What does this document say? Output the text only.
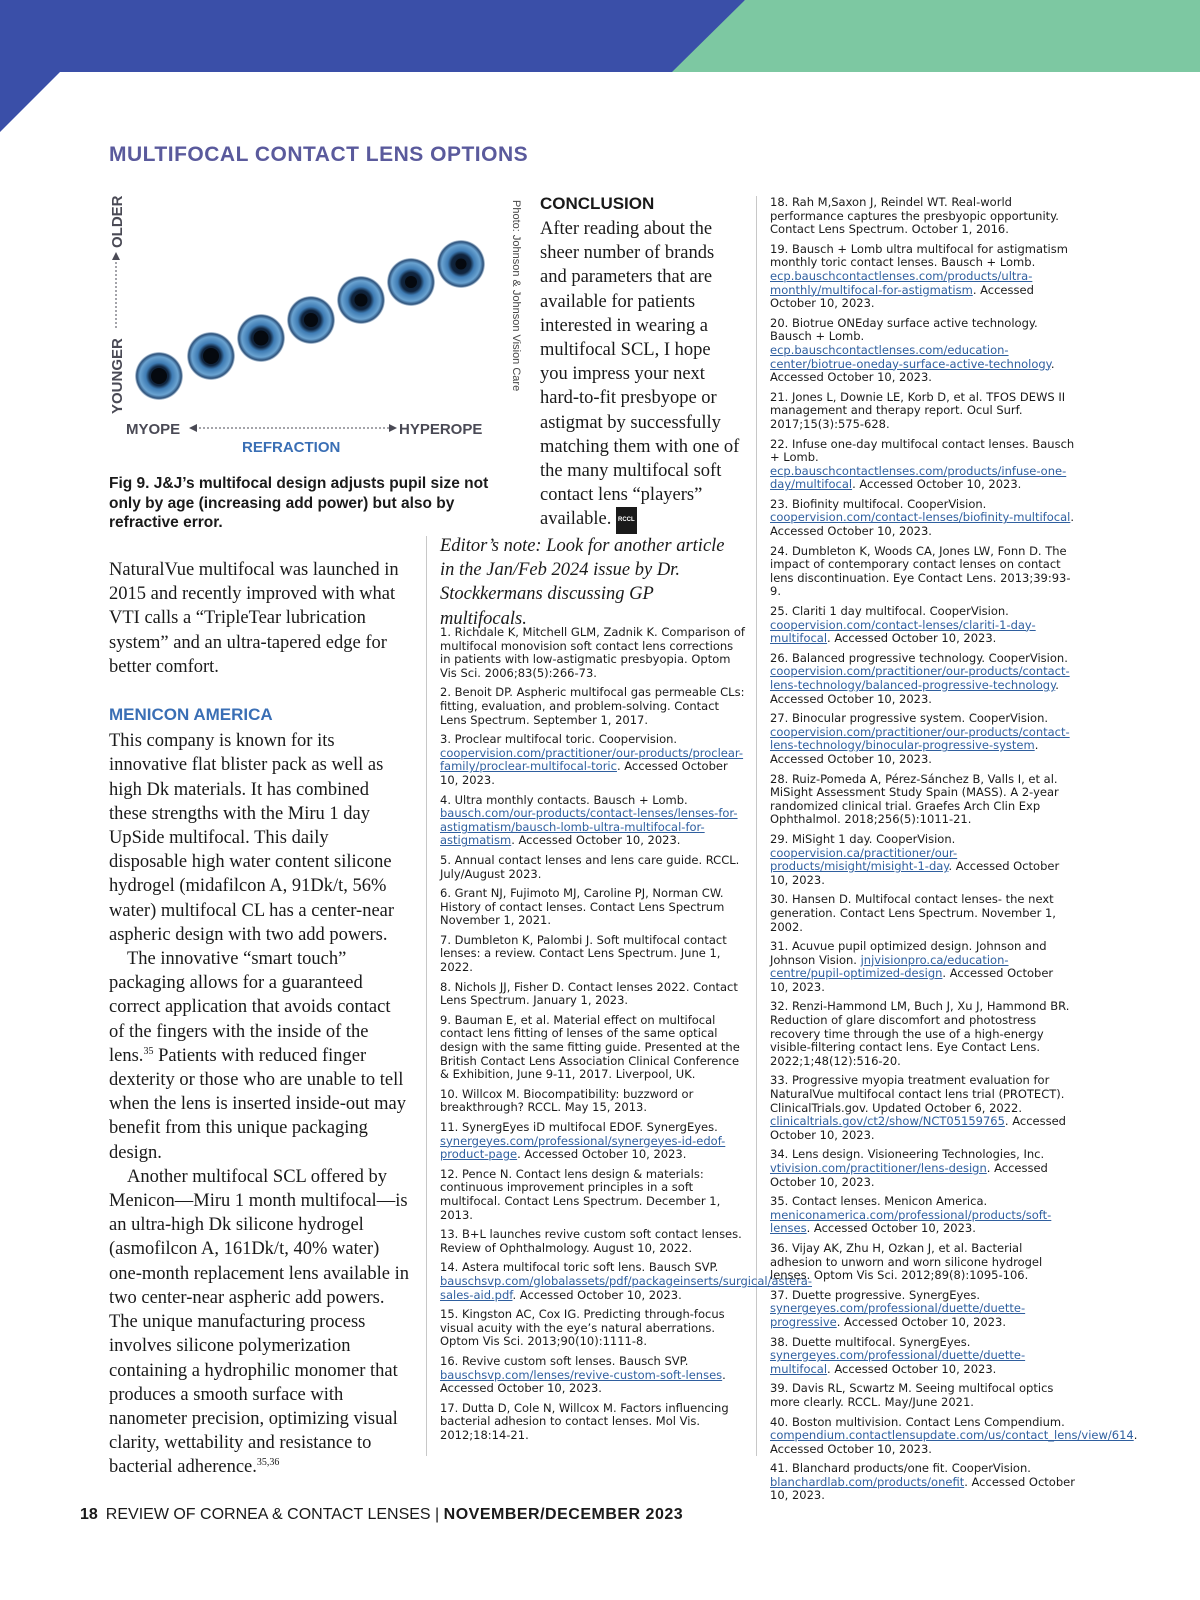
MULTIFOCAL CONTACT LENS OPTIONS
OLDER
YOUNGER
MYOPE	HYPEROPE
REFRACTION
Photo: Johnson & Johnson Vision Care
Fig 9. J&J’s multifocal design adjusts pupil size not only by age (increasing add power) but also by refractive error.

NaturalVue multifocal was launched in 2015 and recently improved with what VTI calls a “TripleTear lubrication system” and an ultra-tapered edge for better comfort.

MENICON AMERICA

This company is known for its innovative flat blister pack as well as high Dk materials. It has combined these strengths with the Miru 1 day UpSide multifocal. This daily disposable high water content silicone hydrogel (midafilcon A, 91Dk/t, 56% water) multifocal CL has a center-near aspheric design with two add powers.

The innovative “smart touch” packaging allows for a guaranteed correct application that avoids contact of the fingers with the inside of the lens.$^{35}$ Patients with reduced finger dexterity or those who are unable to tell when the lens is inserted inside-out may benefit from this unique packaging design.

Another multifocal SCL offered by Menicon—Miru 1 month multifocal—is an ultra-high Dk silicone hydrogel (asmofilcon A, 161Dk/t, 40% water) one-month replacement lens available in two center-near aspheric add powers. The unique manufacturing process involves silicone polymerization containing a hydrophilic monomer that produces a smooth surface with nanometer precision, optimizing visual clarity, wettability and resistance to bacterial adherence.$^{35,36}$

CONCLUSION
After reading about the sheer number of brands and parameters that are available for patients interested in wearing a multifocal SCL, I hope you impress your next hard-to-fit presbyope or astigmat by successfully matching them with one of the many multifocal soft contact lens “players” available. RCCL
Editor’s note: Look for another article in the Jan/Feb 2024 issue by Dr. Stockkermans discussing GP multifocals.
1. Richdale K, Mitchell GLM, Zadnik K. Comparison of multifocal monovision soft contact lens corrections in patients with low-astigmatic presbyopia. Optom Vis Sci. 2006;83(5):266-73.
2. Benoit DP. Aspheric multifocal gas permeable CLs: fitting, evaluation, and problem-solving. Contact Lens Spectrum. September 1, 2017.
3. Proclear multifocal toric. Coopervision. coopervision.com/practitioner/our-products/proclear-family/proclear-multifocal-toric. Accessed October 10, 2023.
4. Ultra monthly contacts. Bausch + Lomb. bausch.com/our-products/contact-lenses/lenses-for-astigmatism/bausch-lomb-ultra-multifocal-for-astigmatism. Accessed October 10, 2023.
5. Annual contact lenses and lens care guide. RCCL. July/August 2023.
6. Grant NJ, Fujimoto MJ, Caroline PJ, Norman CW. History of contact lenses. Contact Lens Spectrum November 1, 2021.
7. Dumbleton K, Palombi J. Soft multifocal contact lenses: a review. Contact Lens Spectrum. June 1, 2022.
8. Nichols JJ, Fisher D. Contact lenses 2022. Contact Lens Spectrum. January 1, 2023.
9. Bauman E, et al. Material effect on multifocal contact lens fitting of lenses of the same optical design with the same fitting guide. Presented at the British Contact Lens Association Clinical Conference & Exhibition, June 9-11, 2017. Liverpool, UK.
10. Willcox M. Biocompatibility: buzzword or breakthrough? RCCL. May 15, 2013.
11. SynergEyes iD multifocal EDOF. SynergEyes. synergeyes.com/professional/synergeyes-id-edof-product-page. Accessed October 10, 2023.
12. Pence N. Contact lens design & materials: continuous improvement principles in a soft multifocal. Contact Lens Spectrum. December 1, 2013.
13. B+L launches revive custom soft contact lenses. Review of Ophthalmology. August 10, 2022.
14. Astera multifocal toric soft lens. Bausch SVP. bauschsvp.com/globalassets/pdf/packageinserts/surgical/astera-sales-aid.pdf. Accessed October 10, 2023.
15. Kingston AC, Cox IG. Predicting through-focus visual acuity with the eye’s natural aberrations. Optom Vis Sci. 2013;90(10):1111-8.
16. Revive custom soft lenses. Bausch SVP. bauschsvp.com/lenses/revive-custom-soft-lenses. Accessed October 10, 2023.
17. Dutta D, Cole N, Willcox M. Factors influencing bacterial adhesion to contact lenses. Mol Vis. 2012;18:14-21.
18. Rah M,Saxon J, Reindel WT. Real-world performance captures the presbyopic opportunity. Contact Lens Spectrum. October 1, 2016.
19. Bausch + Lomb ultra multifocal for astigmatism monthly toric contact lenses. Bausch + Lomb. ecp.bauschcontactlenses.com/products/ultra-monthly/multifocal-for-astigmatism. Accessed October 10, 2023.
20. Biotrue ONEday surface active technology. Bausch + Lomb. ecp.bauschcontactlenses.com/education-center/biotrue-oneday-surface-active-technology. Accessed October 10, 2023.
21. Jones L, Downie LE, Korb D, et al. TFOS DEWS II management and therapy report. Ocul Surf. 2017;15(3):575-628.
22. Infuse one-day multifocal contact lenses. Bausch + Lomb. ecp.bauschcontactlenses.com/products/infuse-one-day/multifocal. Accessed October 10, 2023.
23. Biofinity multifocal. CooperVision. coopervision.com/contact-lenses/biofinity-multifocal. Accessed October 10, 2023.
24. Dumbleton K, Woods CA, Jones LW, Fonn D. The impact of contemporary contact lenses on contact lens discontinuation. Eye Contact Lens. 2013;39:93-9.
25. Clariti 1 day multifocal. CooperVision. coopervision.com/contact-lenses/clariti-1-day-multifocal. Accessed October 10, 2023.
26. Balanced progressive technology. CooperVision. coopervision.com/practitioner/our-products/contact-lens-technology/balanced-progressive-technology. Accessed October 10, 2023.
27. Binocular progressive system. CooperVision. coopervision.com/practitioner/our-products/contact-lens-technology/binocular-progressive-system. Accessed October 10, 2023.
28. Ruiz-Pomeda A, Pérez-Sánchez B, Valls I, et al. MiSight Assessment Study Spain (MASS). A 2-year randomized clinical trial. Graefes Arch Clin Exp Ophthalmol. 2018;256(5):1011-21.
29. MiSight 1 day. CooperVision. coopervision.ca/practitioner/our-products/misight/misight-1-day. Accessed October 10, 2023.
30. Hansen D. Multifocal contact lenses- the next generation. Contact Lens Spectrum. November 1, 2002.
31. Acuvue pupil optimized design. Johnson and Johnson Vision. jnjvisionpro.ca/education-centre/pupil-optimized-design. Accessed October 10, 2023.
32. Renzi-Hammond LM, Buch J, Xu J, Hammond BR. Reduction of glare discomfort and photostress recovery time through the use of a high-energy visible-filtering contact lens. Eye Contact Lens. 2022;1;48(12):516-20.
33. Progressive myopia treatment evaluation for NaturalVue multifocal contact lens trial (PROTECT). ClinicalTrials.gov. Updated October 6, 2022. clinicaltrials.gov/ct2/show/NCT05159765. Accessed October 10, 2023.
34. Lens design. Visioneering Technologies, Inc. vtivision.com/practitioner/lens-design. Accessed October 10, 2023.
35. Contact lenses. Menicon America. meniconamerica.com/professional/products/soft-lenses. Accessed October 10, 2023.
36. Vijay AK, Zhu H, Ozkan J, et al. Bacterial adhesion to unworn and worn silicone hydrogel lenses. Optom Vis Sci. 2012;89(8):1095-106.
37. Duette progressive. SynergEyes. synergeyes.com/professional/duette/duette-progressive. Accessed October 10, 2023.
38. Duette multifocal. SynergEyes. synergeyes.com/professional/duette/duette-multifocal. Accessed October 10, 2023.
39. Davis RL, Scwartz M. Seeing multifocal optics more clearly. RCCL. May/June 2021.
40. Boston multivision. Contact Lens Compendium. compendium.contactlensupdate.com/us/contact_lens/view/614. Accessed October 10, 2023.
41. Blanchard products/one fit. CooperVision. blanchardlab.com/products/onefit. Accessed October 10, 2023.
18 REVIEW OF CORNEA & CONTACT LENSES | NOVEMBER/DECEMBER 2023
